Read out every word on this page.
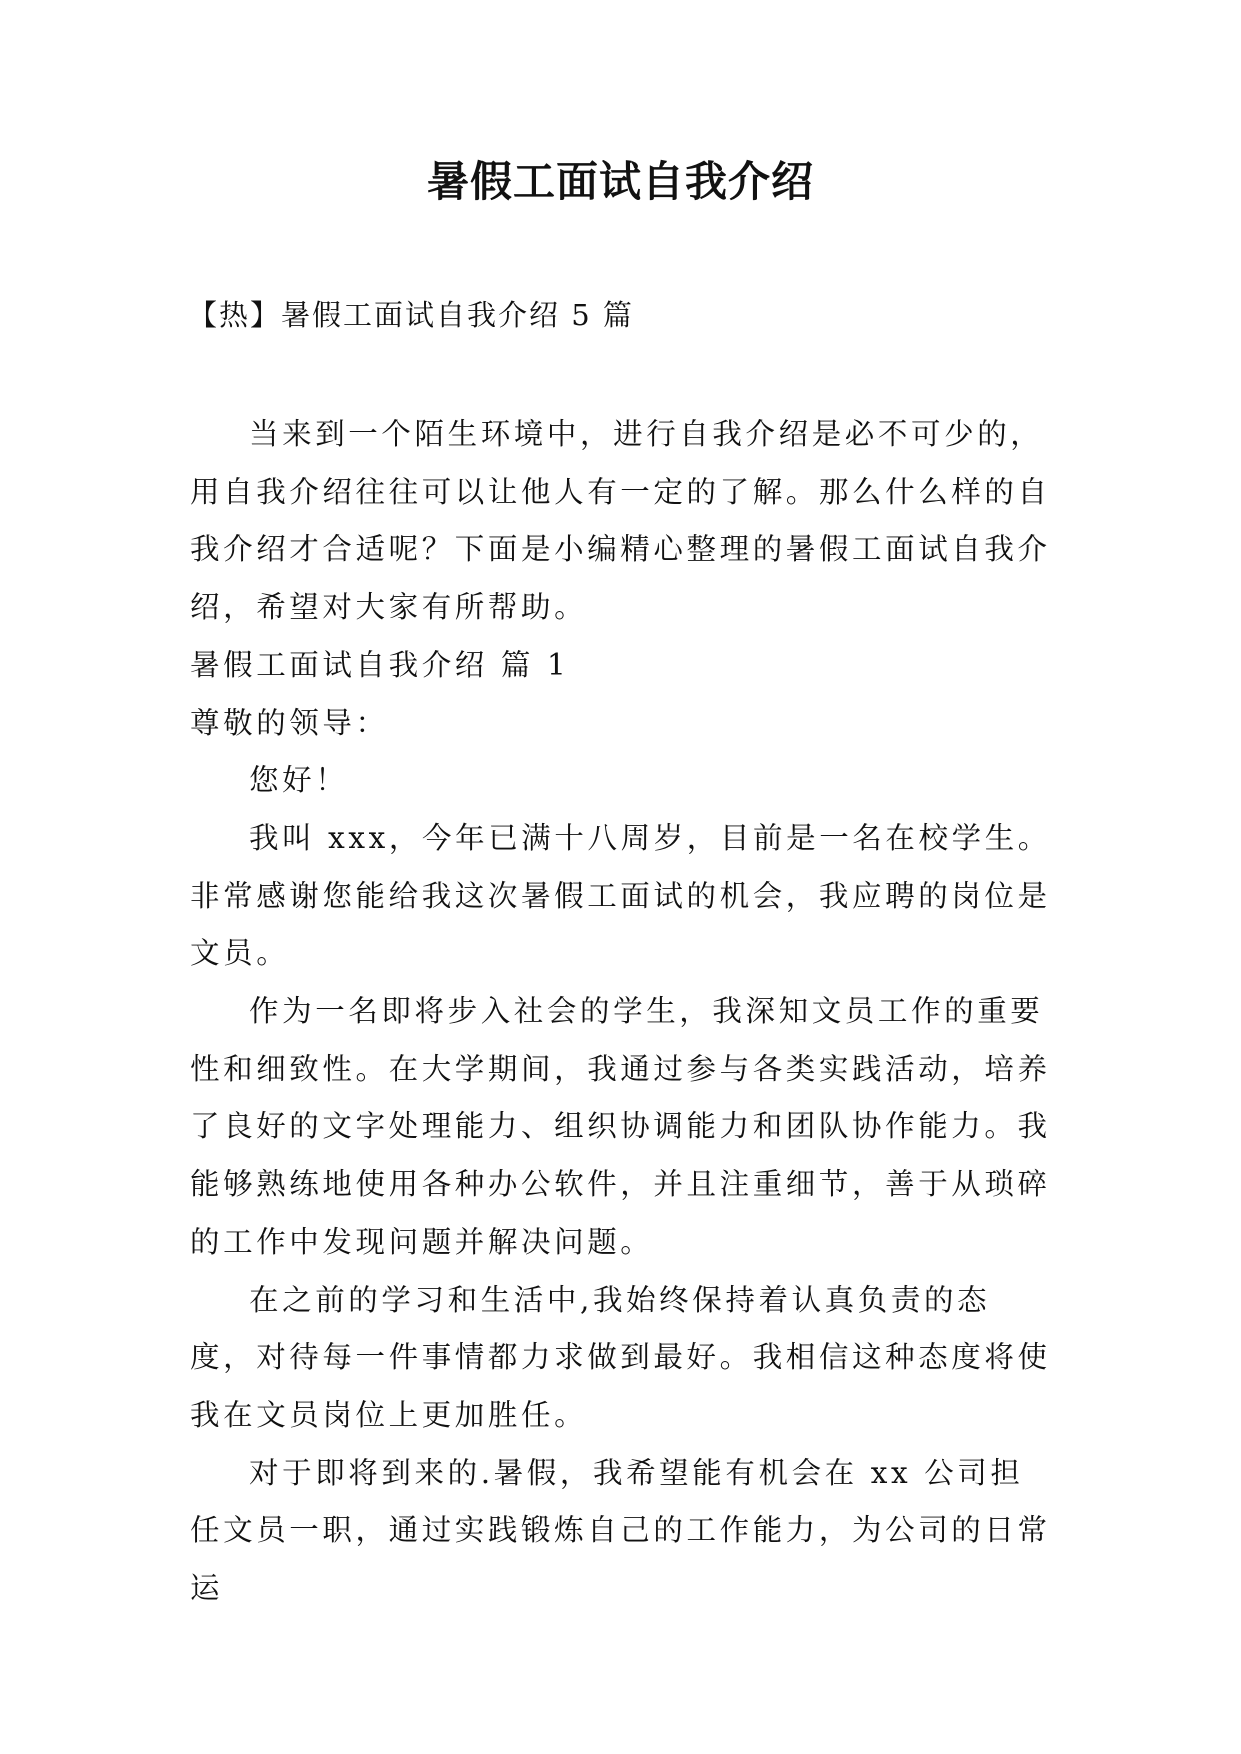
暑假工面试自我介绍
【热】暑假工面试自我介绍 5 篇

当来到一个陌生环境中，进行自我介绍是必不可少的，用自我介绍往往可以让他人有一定的了解。那么什么样的自我介绍才合适呢？下面是小编精心整理的暑假工面试自我介绍，希望对大家有所帮助。

暑假工面试自我介绍 篇 1

尊敬的领导：

您好！

我叫 xxx，今年已满十八周岁，目前是一名在校学生。非常感谢您能给我这次暑假工面试的机会，我应聘的岗位是文员。

作为一名即将步入社会的学生，我深知文员工作的重要性和细致性。在大学期间，我通过参与各类实践活动，培养了良好的文字处理能力、组织协调能力和团队协作能力。我能够熟练地使用各种办公软件，并且注重细节，善于从琐碎的工作中发现问题并解决问题。

在之前的学习和生活中,我始终保持着认真负责的态度，对待每一件事情都力求做到最好。我相信这种态度将使我在文员岗位上更加胜任。

对于即将到来的.暑假，我希望能有机会在 xx 公司担任文员一职，通过实践锻炼自己的工作能力，为公司的日常运
